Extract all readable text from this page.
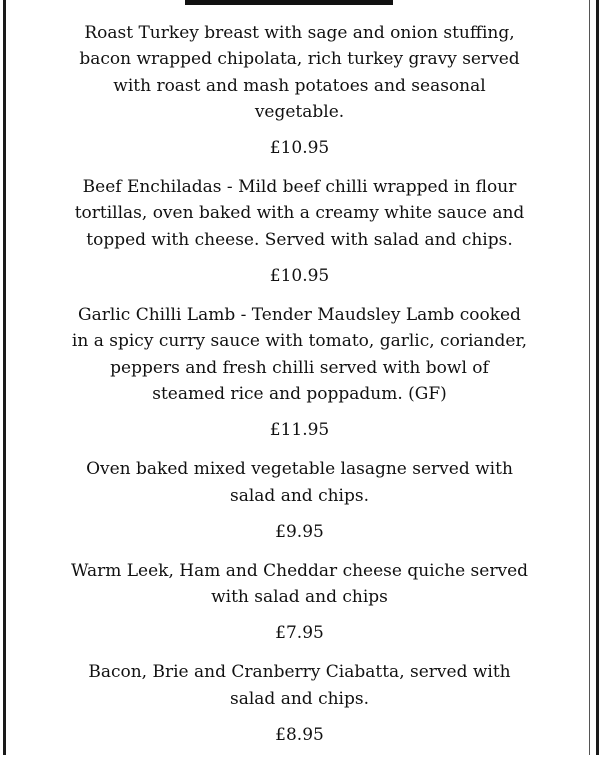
Roast Turkey breast with sage and onion stuffing,
bacon wrapped chipolata, rich turkey gravy served
with roast and mash potatoes and seasonal
vegetable.

£10.95

Beef Enchiladas - Mild beef chilli wrapped in flour
tortillas, oven baked with a creamy white sauce and
topped with cheese. Served with salad and chips.

£10.95

Garlic Chilli Lamb - Tender Maudsley Lamb cooked
in a spicy curry sauce with tomato, garlic, coriander,
peppers and fresh chilli served with bowl of
steamed rice and poppadum. (GF)

£11.95

Oven baked mixed vegetable lasagne served with
salad and chips.

£9.95

Warm Leek, Ham and Cheddar cheese quiche served
with salad and chips

£7.95

Bacon, Brie and Cranberry Ciabatta, served with
salad and chips.

£8.95
